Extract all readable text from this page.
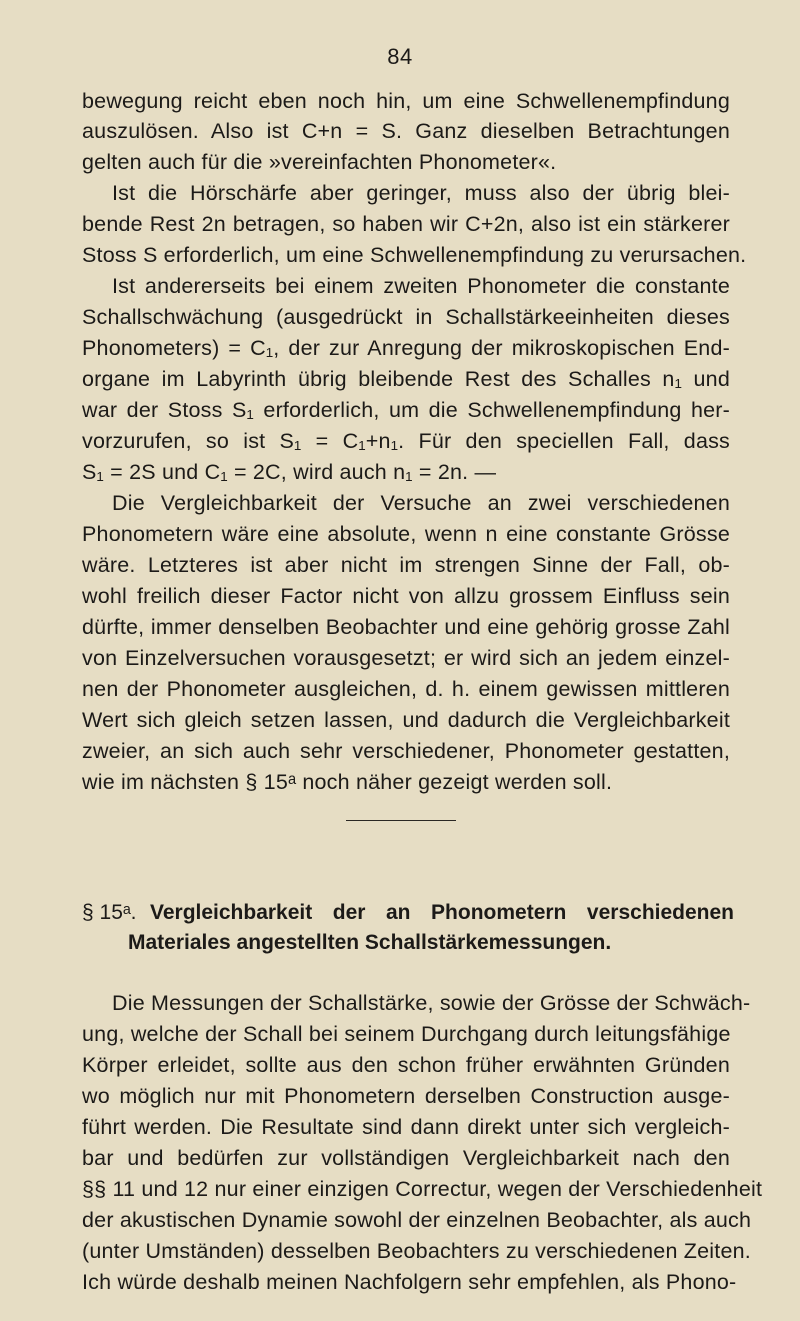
84
bewegung reicht eben noch hin, um eine Schwellenempfindung
auszulösen. Also ist C+n = S. Ganz dieselben Betrachtungen
gelten auch für die »vereinfachten Phonometer«.
Ist die Hörschärfe aber geringer, muss also der übrig blei-
bende Rest 2n betragen, so haben wir C+2n, also ist ein stärkerer
Stoss S erforderlich, um eine Schwellenempfindung zu verursachen.
Ist andererseits bei einem zweiten Phonometer die constante
Schallschwächung (ausgedrückt in Schallstärkeeinheiten dieses
Phonometers) = C₁, der zur Anregung der mikroskopischen End-
organe im Labyrinth übrig bleibende Rest des Schalles n₁ und
war der Stoss S₁ erforderlich, um die Schwellenempfindung her-
vorzurufen, so ist S₁ = C₁+n₁. Für den speciellen Fall, dass
S₁ = 2S und C₁ = 2C, wird auch n₁ = 2n. —
Die Vergleichbarkeit der Versuche an zwei verschiedenen
Phonometern wäre eine absolute, wenn n eine constante Grösse
wäre. Letzteres ist aber nicht im strengen Sinne der Fall, ob-
wohl freilich dieser Factor nicht von allzu grossem Einfluss sein
dürfte, immer denselben Beobachter und eine gehörig grosse Zahl
von Einzelversuchen vorausgesetzt; er wird sich an jedem einzel-
nen der Phonometer ausgleichen, d. h. einem gewissen mittleren
Wert sich gleich setzen lassen, und dadurch die Vergleichbarkeit
zweier, an sich auch sehr verschiedener, Phonometer gestatten,
wie im nächsten § 15ᵃ noch näher gezeigt werden soll.
§ 15ᵃ. Vergleichbarkeit der an Phonometern verschiedenen
Materiales angestellten Schallstärkemessungen.
Die Messungen der Schallstärke, sowie der Grösse der Schwäch-
ung, welche der Schall bei seinem Durchgang durch leitungsfähige
Körper erleidet, sollte aus den schon früher erwähnten Gründen
wo möglich nur mit Phonometern derselben Construction ausge-
führt werden. Die Resultate sind dann direkt unter sich vergleich-
bar und bedürfen zur vollständigen Vergleichbarkeit nach den
§§ 11 und 12 nur einer einzigen Correctur, wegen der Verschiedenheit
der akustischen Dynamie sowohl der einzelnen Beobachter, als auch
(unter Umständen) desselben Beobachters zu verschiedenen Zeiten.
Ich würde deshalb meinen Nachfolgern sehr empfehlen, als Phono-
